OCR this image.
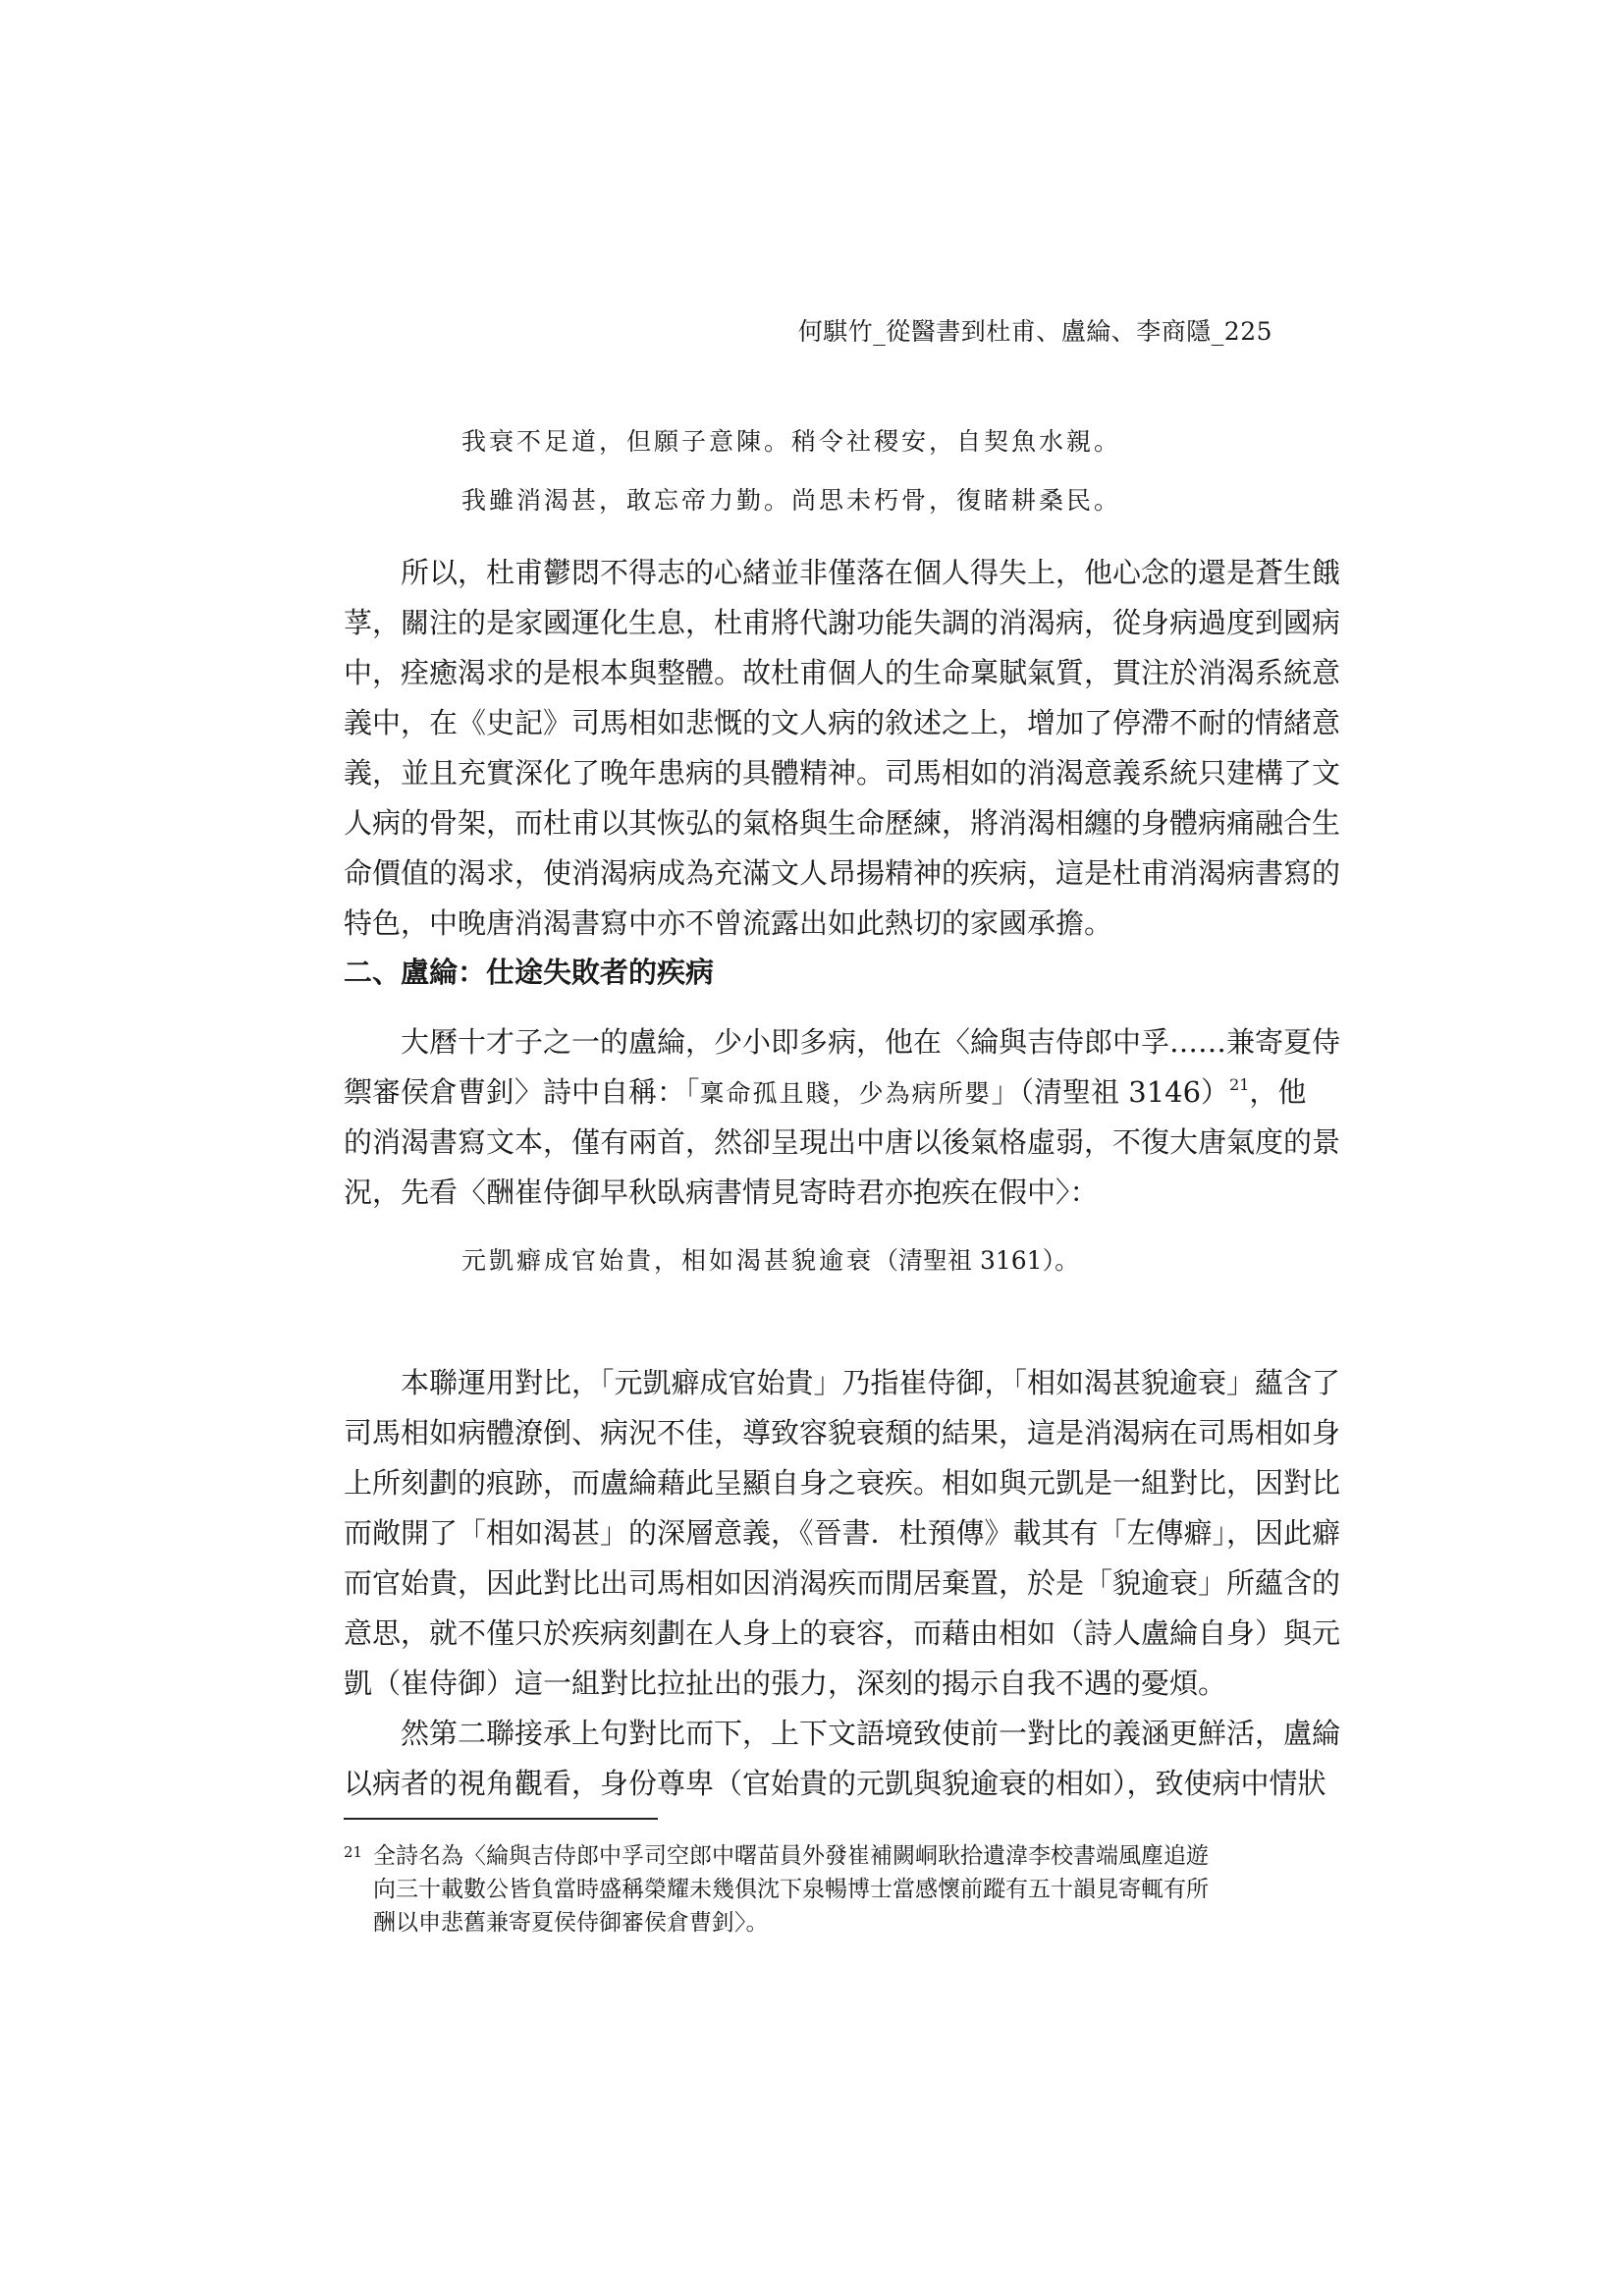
何騏竹_從醫書到杜甫、盧綸、李商隱_225
我衰不足道，但願子意陳。稍令社稷安，自契魚水親。
我雖消渴甚，敢忘帝力勤。尚思未朽骨，復睹耕桑民。
所以，杜甫鬱悶不得志的心緒並非僅落在個人得失上，他心念的還是蒼生餓
莩，關注的是家國運化生息，杜甫將代謝功能失調的消渴病，從身病過度到國病
中，痊癒渴求的是根本與整體。故杜甫個人的生命稟賦氣質，貫注於消渴系統意
義中，在《史記》司馬相如悲慨的文人病的敘述之上，增加了停滯不耐的情緒意
義，並且充實深化了晚年患病的具體精神。司馬相如的消渴意義系統只建構了文
人病的骨架，而杜甫以其恢弘的氣格與生命歷練，將消渴相纏的身體病痛融合生
命價值的渴求，使消渴病成為充滿文人昂揚精神的疾病，這是杜甫消渴病書寫的
特色，中晚唐消渴書寫中亦不曾流露出如此熱切的家國承擔。
二、盧綸：仕途失敗者的疾病
大曆十才子之一的盧綸，少小即多病，他在〈綸與吉侍郎中孚……兼寄夏侍
禦審侯倉曹釗〉詩中自稱：「稟命孤且賤，少為病所嬰」（清聖祖 3146）$^{21}$，他
的消渴書寫文本，僅有兩首，然卻呈現出中唐以後氣格虛弱，不復大唐氣度的景
況，先看〈酬崔侍御早秋臥病書情見寄時君亦抱疾在假中〉：
元凱癖成官始貴，相如渴甚貌逾衰（清聖祖 3161）。
本聯運用對比，「元凱癖成官始貴」乃指崔侍御，「相如渴甚貌逾衰」蘊含了
司馬相如病體潦倒、病況不佳，導致容貌衰頹的結果，這是消渴病在司馬相如身
上所刻劃的痕跡，而盧綸藉此呈顯自身之衰疾。相如與元凱是一組對比，因對比
而敞開了「相如渴甚」的深層意義，《晉書．杜預傳》載其有「左傳癖」，因此癖
而官始貴，因此對比出司馬相如因消渴疾而閒居棄置，於是「貌逾衰」所蘊含的
意思，就不僅只於疾病刻劃在人身上的衰容，而藉由相如（詩人盧綸自身）與元
凱（崔侍御）這一組對比拉扯出的張力，深刻的揭示自我不遇的憂煩。
然第二聯接承上句對比而下，上下文語境致使前一對比的義涵更鮮活，盧綸
以病者的視角觀看，身份尊卑（官始貴的元凱與貌逾衰的相如），致使病中情狀
21 全詩名為〈綸與吉侍郎中孚司空郎中曙苗員外發崔補闕峒耿拾遺湋李校書端風塵追遊
向三十載數公皆負當時盛稱榮耀未幾俱沈下泉暢博士當感懷前蹤有五十韻見寄輒有所
酬以申悲舊兼寄夏侯侍御審侯倉曹釗〉。
